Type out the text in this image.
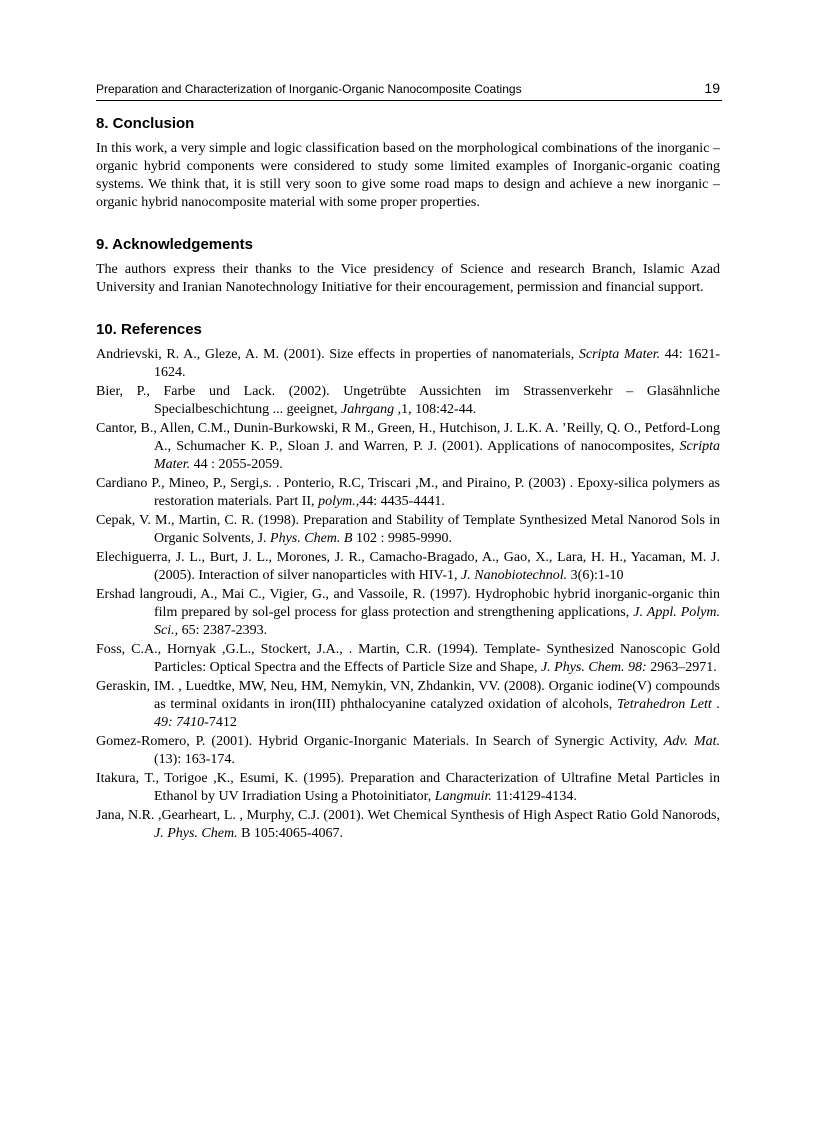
Preparation and Characterization of Inorganic-Organic Nanocomposite Coatings	19
8. Conclusion

In this work, a very simple and logic classification based on the morphological combinations of the inorganic –organic hybrid components were considered to study some limited examples of Inorganic-organic coating systems. We think that, it is still very soon to give some road maps to design and achieve a new inorganic –organic hybrid nanocomposite material with some proper properties.

9. Acknowledgements

The authors express their thanks to the Vice presidency of Science and research Branch, Islamic Azad University and Iranian Nanotechnology Initiative for their encouragement, permission and financial support.

10. References
Andrievski, R. A., Gleze, A. M. (2001). Size effects in properties of nanomaterials, Scripta Mater. 44: 1621-1624.
Bier, P., Farbe und Lack. (2002). Ungetrübte Aussichten im Strassenverkehr – Glasähnliche Specialbeschichtung ... geeignet, Jahrgang ,1, 108:42-44.
Cantor, B., Allen, C.M., Dunin-Burkowski, R M., Green, H., Hutchison, J. L.K. A. ’Reilly, Q. O., Petford-Long A., Schumacher K. P., Sloan J. and Warren, P. J. (2001). Applications of nanocomposites, Scripta Mater. 44 : 2055-2059.
Cardiano P., Mineo, P., Sergi,s. . Ponterio, R.C, Triscari ,M., and Piraino, P. (2003) . Epoxy-silica polymers as restoration materials. Part II, polym.,44: 4435-4441.
Cepak, V. M., Martin, C. R. (1998). Preparation and Stability of Template Synthesized Metal Nanorod Sols in Organic Solvents, J. Phys. Chem. B 102 : 9985-9990.
Elechiguerra, J. L., Burt, J. L., Morones, J. R., Camacho-Bragado, A., Gao, X., Lara, H. H., Yacaman, M. J. (2005). Interaction of silver nanoparticles with HIV-1, J. Nanobiotechnol. 3(6):1-10
Ershad langroudi, A., Mai C., Vigier, G., and Vassoile, R. (1997). Hydrophobic hybrid inorganic-organic thin film prepared by sol-gel process for glass protection and strengthening applications, J. Appl. Polym. Sci., 65: 2387-2393.
Foss, C.A., Hornyak ,G.L., Stockert, J.A., . Martin, C.R. (1994). Template- Synthesized Nanoscopic Gold Particles: Optical Spectra and the Effects of Particle Size and Shape, J. Phys. Chem. 98: 2963–2971.
Geraskin, IM. , Luedtke, MW, Neu, HM, Nemykin, VN, Zhdankin, VV. (2008). Organic iodine(V) compounds as terminal oxidants in iron(III) phthalocyanine catalyzed oxidation of alcohols, Tetrahedron Lett . 49: 7410-7412
Gomez-Romero, P. (2001). Hybrid Organic-Inorganic Materials. In Search of Synergic Activity, Adv. Mat. (13): 163-174.
Itakura, T., Torigoe ,K., Esumi, K. (1995). Preparation and Characterization of Ultrafine Metal Particles in Ethanol by UV Irradiation Using a Photoinitiator, Langmuir. 11:4129-4134.
Jana, N.R. ,Gearheart, L. , Murphy, C.J. (2001). Wet Chemical Synthesis of High Aspect Ratio Gold Nanorods, J. Phys. Chem. B 105:4065-4067.
